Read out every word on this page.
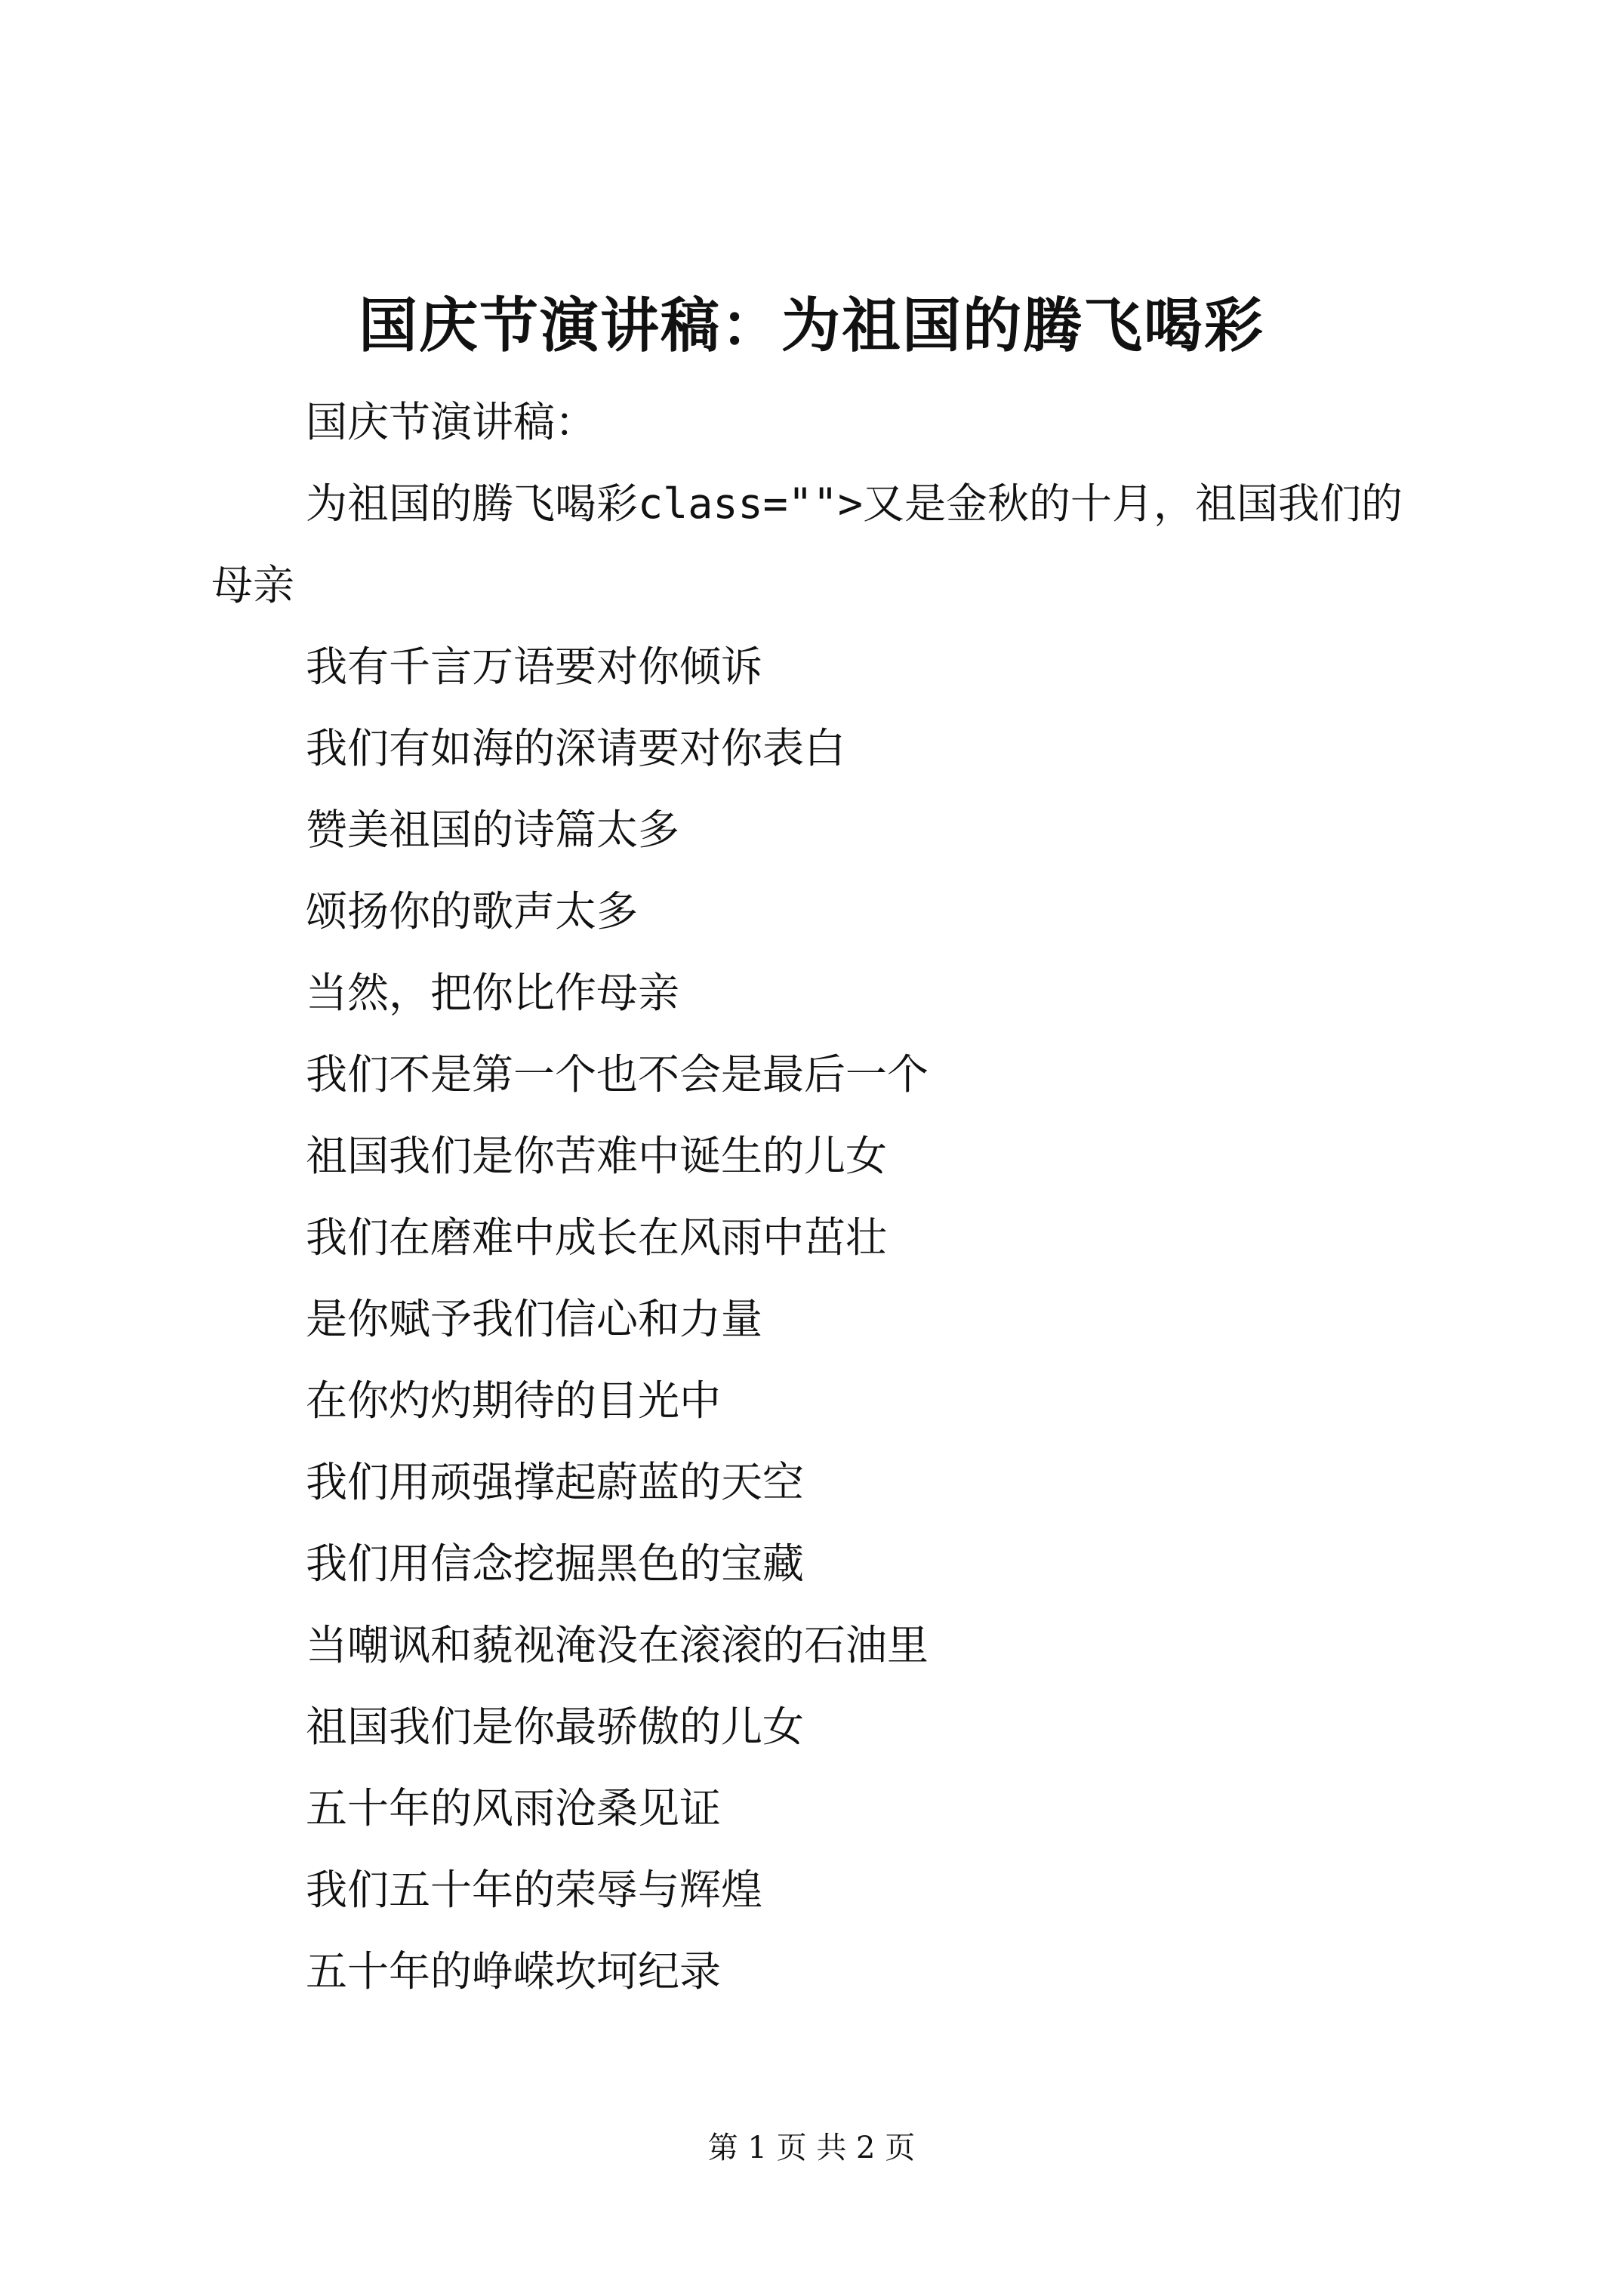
国庆节演讲稿：为祖国的腾飞喝彩

国庆节演讲稿：

为祖国的腾飞喝彩class="">又是金秋的十月，祖国我们的母亲

我有千言万语要对你倾诉

我们有如海的深请要对你表白

赞美祖国的诗篇太多

颂扬你的歌声太多

当然，把你比作母亲

我们不是第一个也不会是最后一个

祖国我们是你苦难中诞生的儿女

我们在磨难中成长在风雨中茁壮

是你赋予我们信心和力量

在你灼灼期待的目光中

我们用顽强撑起蔚蓝的天空

我们用信念挖掘黑色的宝藏

当嘲讽和藐视淹没在滚滚的石油里

祖国我们是你最骄傲的儿女

五十年的风雨沧桑见证

我们五十年的荣辱与辉煌

五十年的峥嵘坎坷纪录

第 1 页 共 2 页
